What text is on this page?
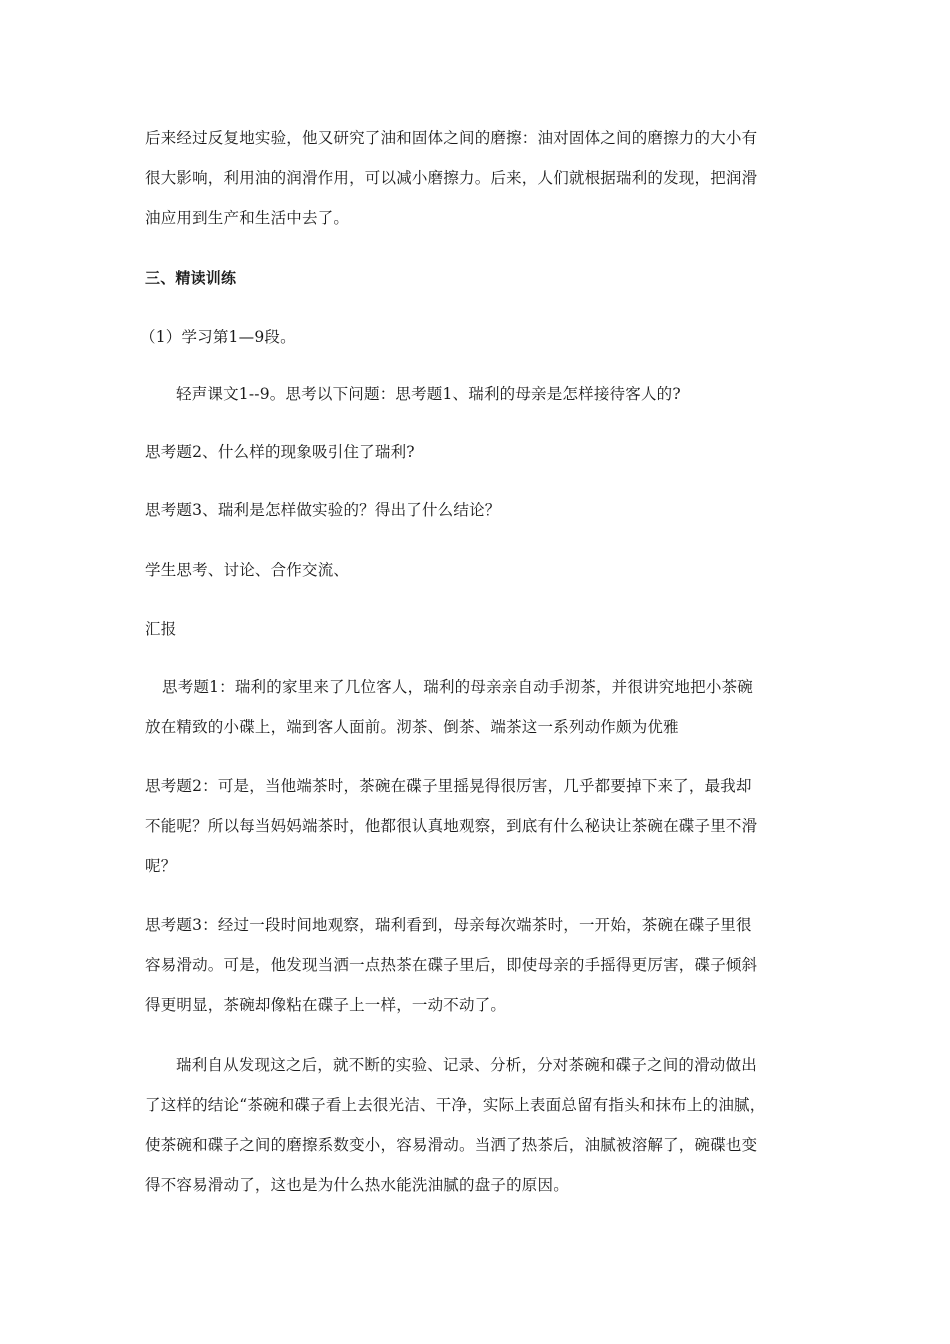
后来经过反复地实验，他又研究了油和固体之间的磨擦：油对固体之间的磨擦力的大小有
很大影响，利用油的润滑作用，可以减小磨擦力。后来，人们就根据瑞利的发现，把润滑
油应用到生产和生活中去了。
三、精读训练
（1）学习第1—9段。
轻声课文1--9。思考以下问题：思考题1、瑞利的母亲是怎样接待客人的?
思考题2、什么样的现象吸引住了瑞利?
思考题3、瑞利是怎样做实验的？得出了什么结论？
学生思考、讨论、合作交流、
汇报
思考题1：瑞利的家里来了几位客人，瑞利的母亲亲自动手沏茶，并很讲究地把小茶碗
放在精致的小碟上，端到客人面前。沏茶、倒茶、端茶这一系列动作颇为优雅
思考题2：可是，当他端茶时，茶碗在碟子里摇晃得很厉害，几乎都要掉下来了，最我却
不能呢？所以每当妈妈端茶时，他都很认真地观察，到底有什么秘诀让茶碗在碟子里不滑
呢？
思考题3：经过一段时间地观察，瑞利看到，母亲每次端茶时，一开始，茶碗在碟子里很
容易滑动。可是，他发现当洒一点热茶在碟子里后，即使母亲的手摇得更厉害，碟子倾斜
得更明显，茶碗却像粘在碟子上一样，一动不动了。
瑞利自从发现这之后，就不断的实验、记录、分析，分对茶碗和碟子之间的滑动做出
了这样的结论“茶碗和碟子看上去很光洁、干净，实际上表面总留有指头和抹布上的油腻，
使茶碗和碟子之间的磨擦系数变小，容易滑动。当洒了热茶后，油腻被溶解了，碗碟也变
得不容易滑动了，这也是为什么热水能洗油腻的盘子的原因。
